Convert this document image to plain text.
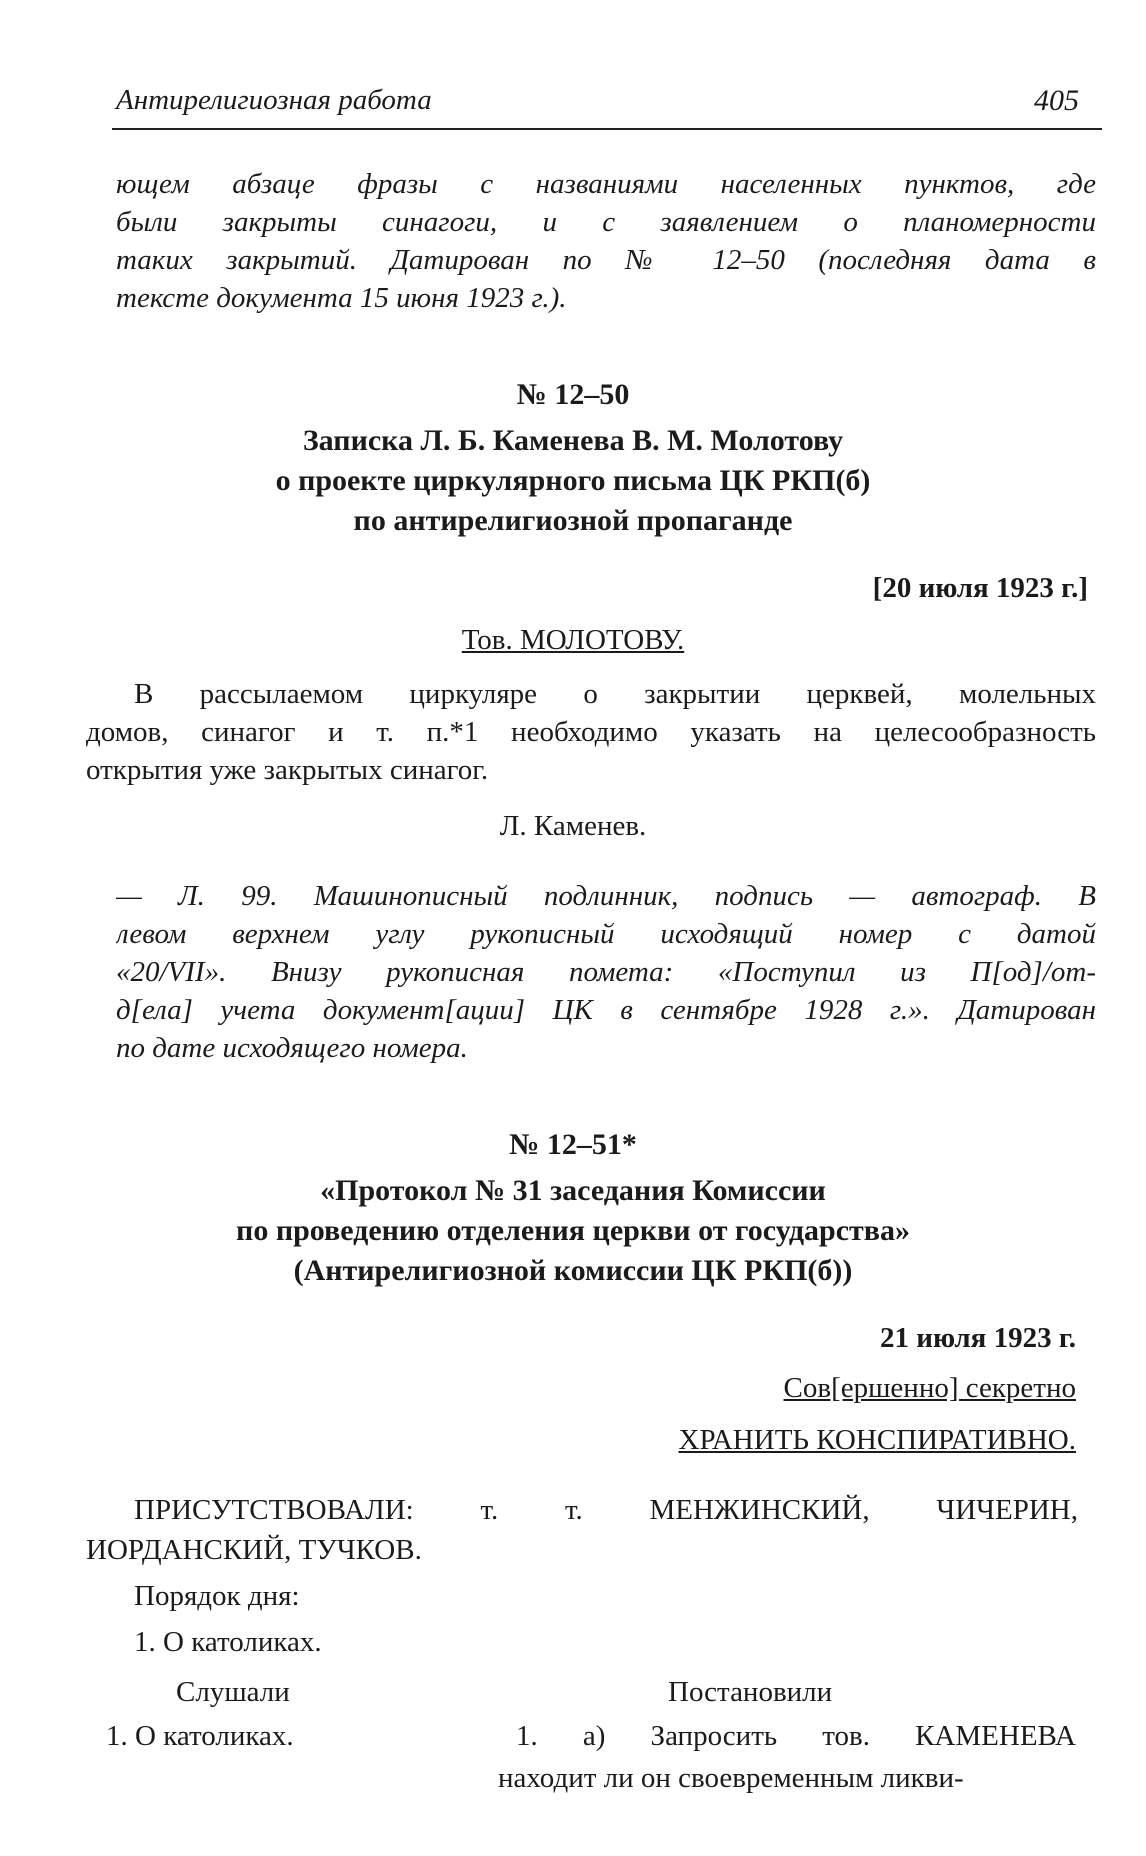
Антирелигиозная работа	405
ющем абзаце фразы с названиями населенных пунктов, где
были закрыты синагоги, и с заявлением о планомерности
таких закрытий. Датирован по № 12–50 (последняя дата в
тексте документа 15 июня 1923 г.).
№ 12–50
Записка Л. Б. Каменева В. М. Молотову
о проекте циркулярного письма ЦК РКП(б)
по антирелигиозной пропаганде
[20 июля 1923 г.]
Тов. МОЛОТОВУ.
В рассылаемом циркуляре о закрытии церквей, молельных
домов, синагог и т. п.*1 необходимо указать на целесообразность
открытия уже закрытых синагог.
Л. Каменев.
— Л. 99. Машинописный подлинник, подпись — автограф. В
левом верхнем углу рукописный исходящий номер с датой
«20/VII». Внизу рукописная помета: «Поступил из П[од]/от-
д[ела] учета документ[ации] ЦК в сентябре 1928 г.». Датирован
по дате исходящего номера.
№ 12–51*
«Протокол № 31 заседания Комиссии
по проведению отделения церкви от государства»
(Антирелигиозной комиссии ЦК РКП(б))
21 июля 1923 г.
Сов[ершенно] секретно
ХРАНИТЬ КОНСПИРАТИВНО.
ПРИСУТСТВОВАЛИ: т. т. МЕНЖИНСКИЙ, ЧИЧЕРИН,
ИОРДАНСКИЙ, ТУЧКОВ.
Порядок дня:
1. О католиках.
Слушали	Постановили
1. О католиках.	1. а) Запросить тов. КАМЕНЕВА
находит ли он своевременным ликви-
